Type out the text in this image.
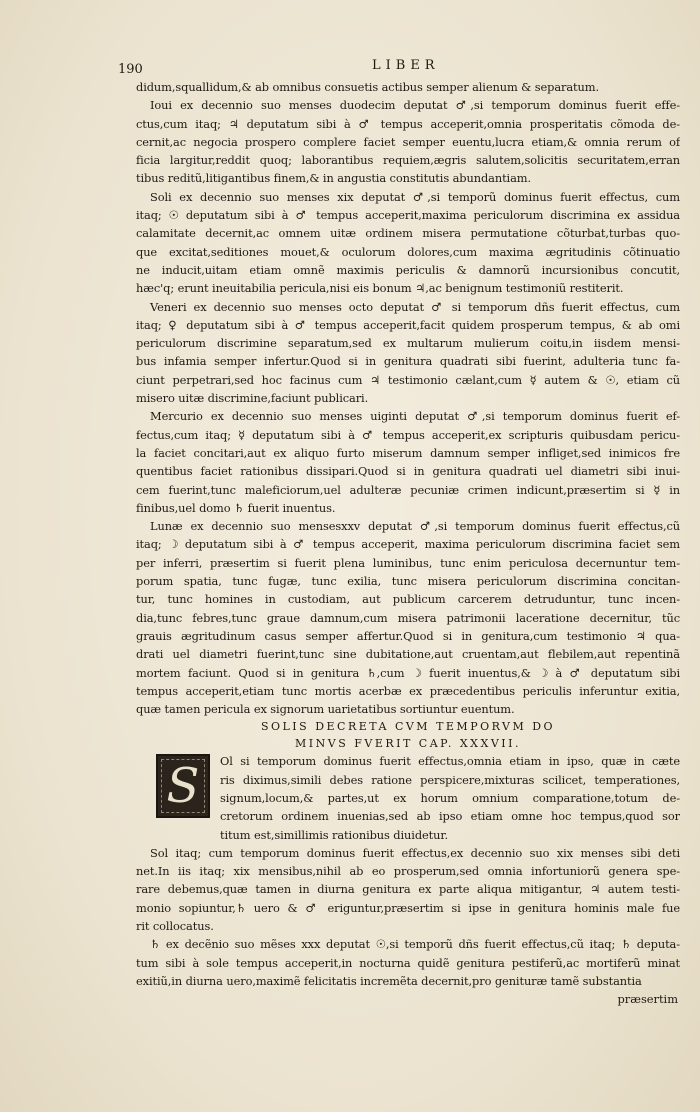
190	LIBER
didum,squallidum,& ab omnibus consuetis actibus semper alienum & separatum.
Ioui ex decennio suo menses duodecim deputat ♂,si temporum dominus fuerit effe-
ctus,cum itaq; ♃ deputatum sibi à ♂ tempus acceperit,omnia prosperitatis cõmoda de-
cernit,ac negocia prospero complere faciet semper euentu,lucra etiam,& omnia rerum of
ficia largitur,reddit quoq; laborantibus requiem,ægris salutem,solicitis securitatem,erran
tibus reditũ,litigantibus finem,& in angustia constitutis abundantiam.
Soli ex decennio suo menses xix deputat ♂,si temporũ dominus fuerit effectus, cum
itaq; ☉ deputatum sibi à ♂ tempus acceperit,maxima periculorum discrimina ex assidua
calamitate decernit,ac omnem uitæ ordinem misera permutatione cõturbat,turbas quo-
que excitat,seditiones mouet,& oculorum dolores,cum maxima ægritudinis cõtinuatio
ne inducit,uitam etiam omnẽ maximis periculis & damnorũ incursionibus concutit,
hæc'q; erunt ineuitabilia pericula,nisi eis bonum ♃,ac benignum testimoniũ restiterit.
Veneri ex decennio suo menses octo deputat ♂ si temporum dñs fuerit effectus, cum
itaq; ♀ deputatum sibi à ♂ tempus acceperit,facit quidem prosperum tempus, & ab omi
periculorum discrimine separatum,sed ex multarum mulierum coitu,in iisdem mensi-
bus infamia semper infertur.Quod si in genitura quadrati sibi fuerint, adulteria tunc fa-
ciunt perpetrari,sed hoc facinus cum ♃ testimonio cælant,cum ☿ autem & ☉, etiam cũ
misero uitæ discrimine,faciunt publicari.
Mercurio ex decennio suo menses uiginti deputat ♂,si temporum dominus fuerit ef-
fectus,cum itaq; ☿ deputatum sibi à ♂ tempus acceperit,ex scripturis quibusdam pericu-
la faciet concitari,aut ex aliquo furto miserum damnum semper infliget,sed inimicos fre
quentibus faciet rationibus dissipari.Quod si in genitura quadrati uel diametri sibi inui-
cem fuerint,tunc maleficiorum,uel adulteræ pecuniæ crimen indicunt,præsertim si ☿ in
finibus,uel domo ♄ fuerit inuentus.
Lunæ ex decennio suo mensesxxv deputat ♂,si temporum dominus fuerit effectus,cũ
itaq; ☽ deputatum sibi à ♂ tempus acceperit, maxima periculorum discrimina faciet sem
per inferri, præsertim si fuerit plena luminibus, tunc enim periculosa decernuntur tem-
porum spatia, tunc fugæ, tunc exilia, tunc misera periculorum discrimina concitan-
tur, tunc homines in custodiam, aut publicum carcerem detruduntur, tunc incen-
dia,tunc febres,tunc graue damnum,cum misera patrimonii laceratione decernitur, tũc
grauis ægritudinum casus semper affertur.Quod si in genitura,cum testimonio ♃ qua-
drati uel diametri fuerint,tunc sine dubitatione,aut cruentam,aut flebilem,aut repentinã
mortem faciunt. Quod si in genitura ♄,cum ☽ fuerit inuentus,& ☽ à ♂ deputatum sibi
tempus acceperit,etiam tunc mortis acerbæ ex præcedentibus periculis inferuntur exitia,
quæ tamen pericula ex signorum uarietatibus sortiuntur euentum.
SOLIS DECRETA CVM TEMPORVM DO
MINVS FVERIT CAP. XXXVII.
S	Ol si temporum dominus fuerit effectus,omnia etiam in ipso, quæ in cæte
ris diximus,simili debes ratione perspicere,mixturas scilicet, temperationes,
signum,locum,& partes,ut ex horum omnium comparatione,totum de-
cretorum ordinem inuenias,sed ab ipso etiam omne hoc tempus,quod sor
titum est,simillimis rationibus diuidetur.
Sol itaq; cum temporum dominus fuerit effectus,ex decennio suo xix menses sibi deti
net.In iis itaq; xix mensibus,nihil ab eo prosperum,sed omnia infortuniorũ genera spe-
rare debemus,quæ tamen in diurna genitura ex parte aliqua mitigantur, ♃ autem testi-
monio sopiuntur,♄ uero & ♂ eriguntur,præsertim si ipse in genitura hominis male fue
rit collocatus.
♄ ex decẽnio suo mẽses xxx deputat ☉,si temporũ dñs fuerit effectus,cũ itaq; ♄ deputa-
tum sibi à sole tempus acceperit,in nocturna quidẽ genitura pestiferũ,ac mortiferũ minat
exitiũ,in diurna uero,maximẽ felicitatis incremẽta decernit,pro genituræ tamẽ substantia
præsertim
